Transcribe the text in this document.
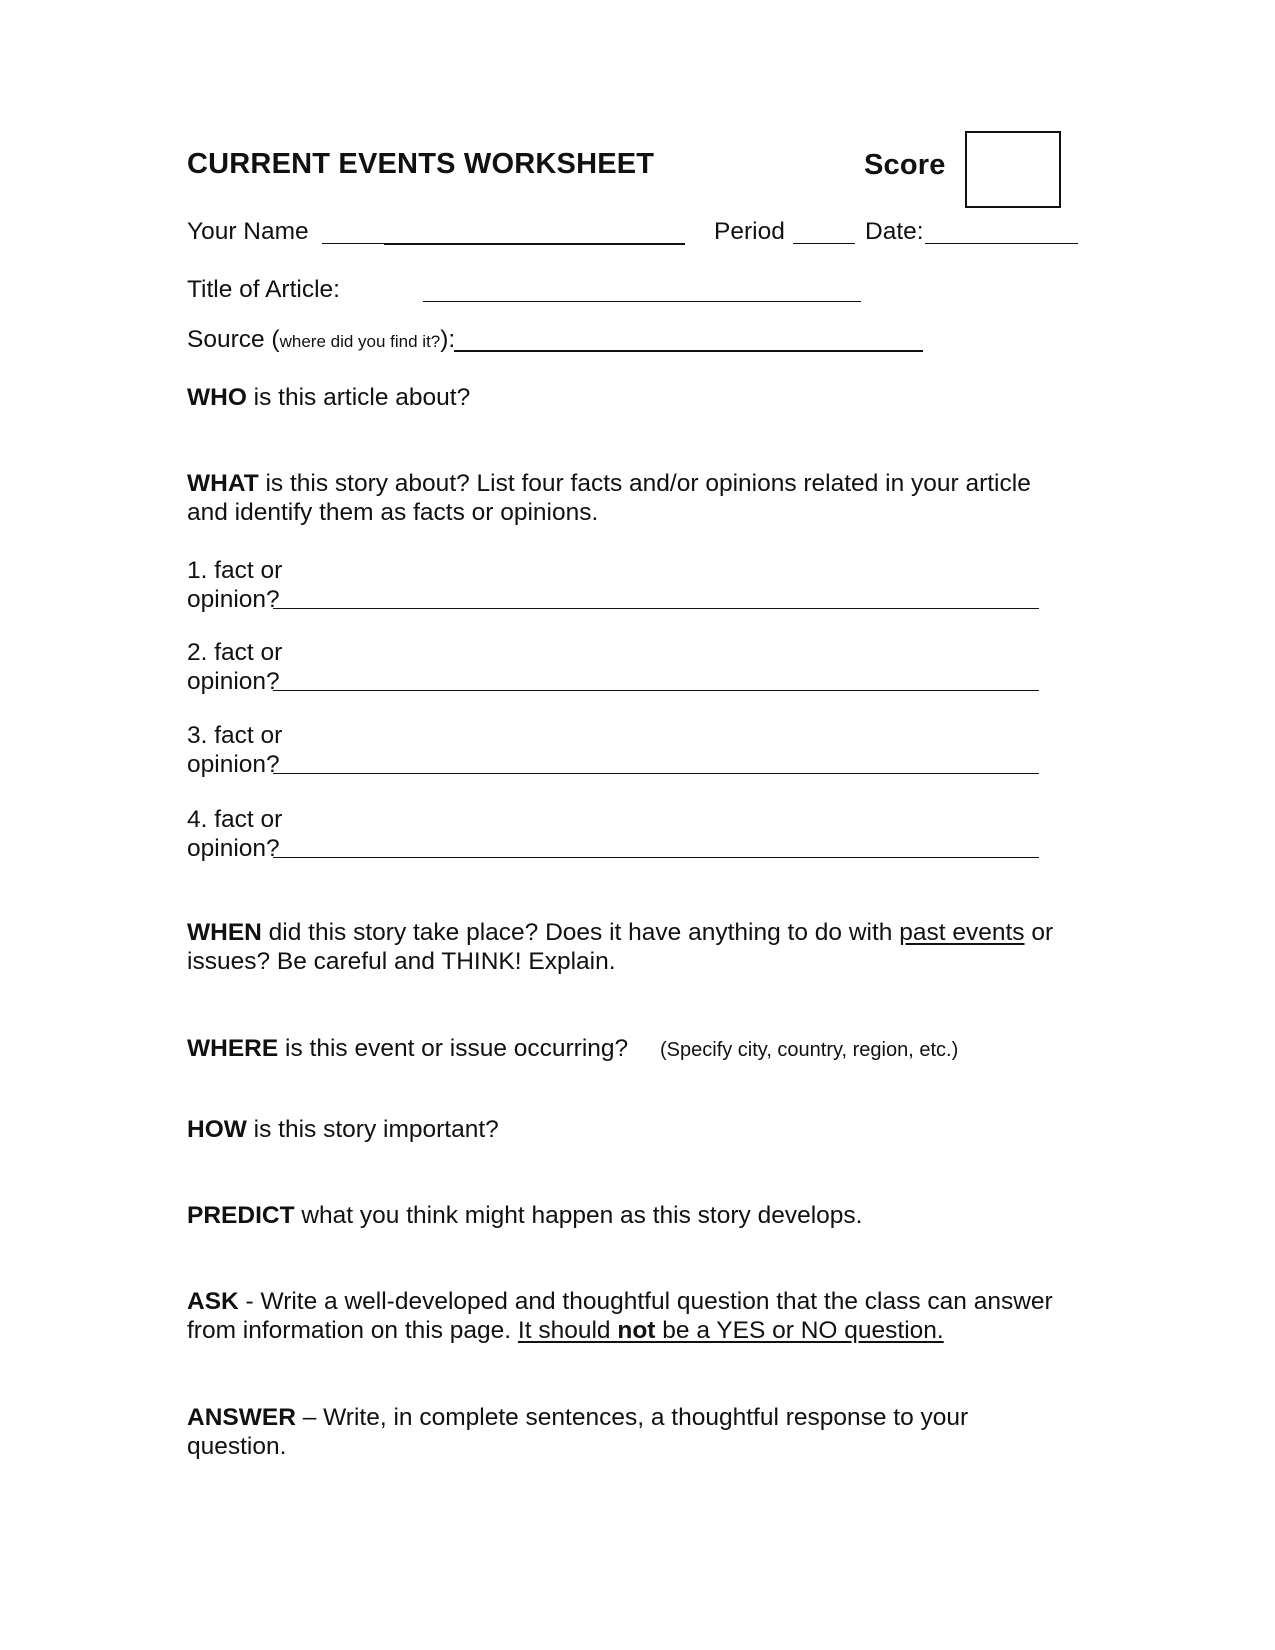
CURRENT EVENTS WORKSHEET	Score
Your Name	Period	Date:
Title of Article:
Source (where did you find it?):
WHO is this article about?
WHAT is this story about? List four facts and/or opinions related in your article
and identify them as facts or opinions.
1. fact or
opinion?
2. fact or
opinion?
3. fact or
opinion?
4. fact or
opinion?
WHEN did this story take place? Does it have anything to do with past events or
issues? Be careful and THINK! Explain.
WHERE is this event or issue occurring? (Specify city, country, region, etc.)
HOW is this story important?
PREDICT what you think might happen as this story develops.
ASK - Write a well-developed and thoughtful question that the class can answer
from information on this page. It should not be a YES or NO question.
ANSWER – Write, in complete sentences, a thoughtful response to your
question.
